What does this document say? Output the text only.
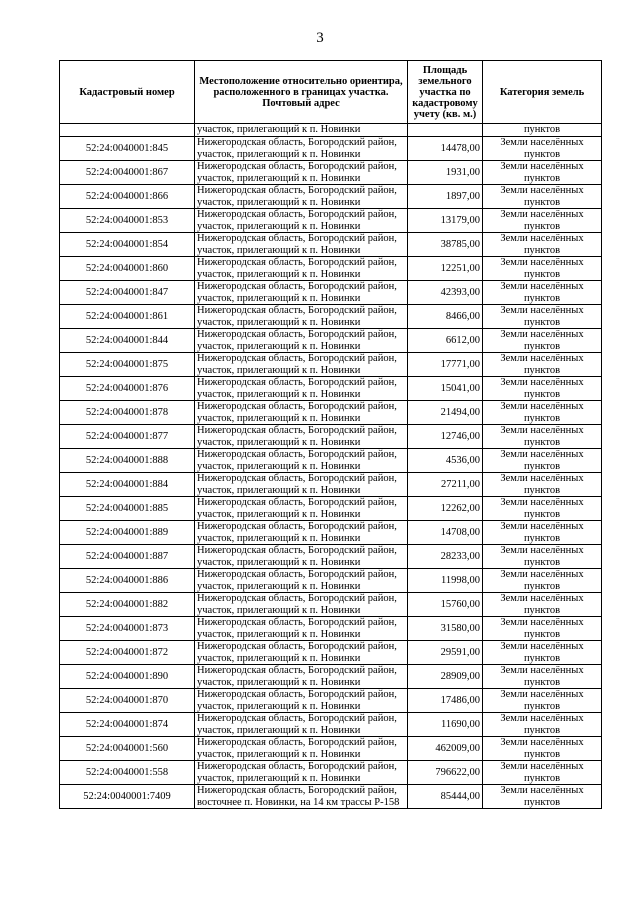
3
Кадастровый номер	Местоположение относительно ориентира, расположенного в границах участка. Почтовый адрес	Площадь земельного участка по кадастровому учету (кв. м.)	Категория земель
	участок, прилегающий к п. Новинки		пунктов
52:24:0040001:845	Нижегородская область, Богородский район, участок, прилегающий к п. Новинки	14478,00	Земли населённых пунктов
52:24:0040001:867	Нижегородская область, Богородский район, участок, прилегающий к п. Новинки	1931,00	Земли населённых пунктов
52:24:0040001:866	Нижегородская область, Богородский район, участок, прилегающий к п. Новинки	1897,00	Земли населённых пунктов
52:24:0040001:853	Нижегородская область, Богородский район, участок, прилегающий к п. Новинки	13179,00	Земли населённых пунктов
52:24:0040001:854	Нижегородская область, Богородский район, участок, прилегающий к п. Новинки	38785,00	Земли населённых пунктов
52:24:0040001:860	Нижегородская область, Богородский район, участок, прилегающий к п. Новинки	12251,00	Земли населённых пунктов
52:24:0040001:847	Нижегородская область, Богородский район, участок, прилегающий к п. Новинки	42393,00	Земли населённых пунктов
52:24:0040001:861	Нижегородская область, Богородский район, участок, прилегающий к п. Новинки	8466,00	Земли населённых пунктов
52:24:0040001:844	Нижегородская область, Богородский район, участок, прилегающий к п. Новинки	6612,00	Земли населённых пунктов
52:24:0040001:875	Нижегородская область, Богородский район, участок, прилегающий к п. Новинки	17771,00	Земли населённых пунктов
52:24:0040001:876	Нижегородская область, Богородский район, участок, прилегающий к п. Новинки	15041,00	Земли населённых пунктов
52:24:0040001:878	Нижегородская область, Богородский район, участок, прилегающий к п. Новинки	21494,00	Земли населённых пунктов
52:24:0040001:877	Нижегородская область, Богородский район, участок, прилегающий к п. Новинки	12746,00	Земли населённых пунктов
52:24:0040001:888	Нижегородская область, Богородский район, участок, прилегающий к п. Новинки	4536,00	Земли населённых пунктов
52:24:0040001:884	Нижегородская область, Богородский район, участок, прилегающий к п. Новинки	27211,00	Земли населённых пунктов
52:24:0040001:885	Нижегородская область, Богородский район, участок, прилегающий к п. Новинки	12262,00	Земли населённых пунктов
52:24:0040001:889	Нижегородская область, Богородский район, участок, прилегающий к п. Новинки	14708,00	Земли населённых пунктов
52:24:0040001:887	Нижегородская область, Богородский район, участок, прилегающий к п. Новинки	28233,00	Земли населённых пунктов
52:24:0040001:886	Нижегородская область, Богородский район, участок, прилегающий к п. Новинки	11998,00	Земли населённых пунктов
52:24:0040001:882	Нижегородская область, Богородский район, участок, прилегающий к п. Новинки	15760,00	Земли населённых пунктов
52:24:0040001:873	Нижегородская область, Богородский район, участок, прилегающий к п. Новинки	31580,00	Земли населённых пунктов
52:24:0040001:872	Нижегородская область, Богородский район, участок, прилегающий к п. Новинки	29591,00	Земли населённых пунктов
52:24:0040001:890	Нижегородская область, Богородский район, участок, прилегающий к п. Новинки	28909,00	Земли населённых пунктов
52:24:0040001:870	Нижегородская область, Богородский район, участок, прилегающий к п. Новинки	17486,00	Земли населённых пунктов
52:24:0040001:874	Нижегородская область, Богородский район, участок, прилегающий к п. Новинки	11690,00	Земли населённых пунктов
52:24:0040001:560	Нижегородская область, Богородский район, участок, прилегающий к п. Новинки	462009,00	Земли населённых пунктов
52:24:0040001:558	Нижегородская область, Богородский район, участок, прилегающий к п. Новинки	796622,00	Земли населённых пунктов
52:24:0040001:7409	Нижегородская область, Богородский район, восточнее п. Новинки, на 14 км трассы Р-158	85444,00	Земли населённых пунктов
